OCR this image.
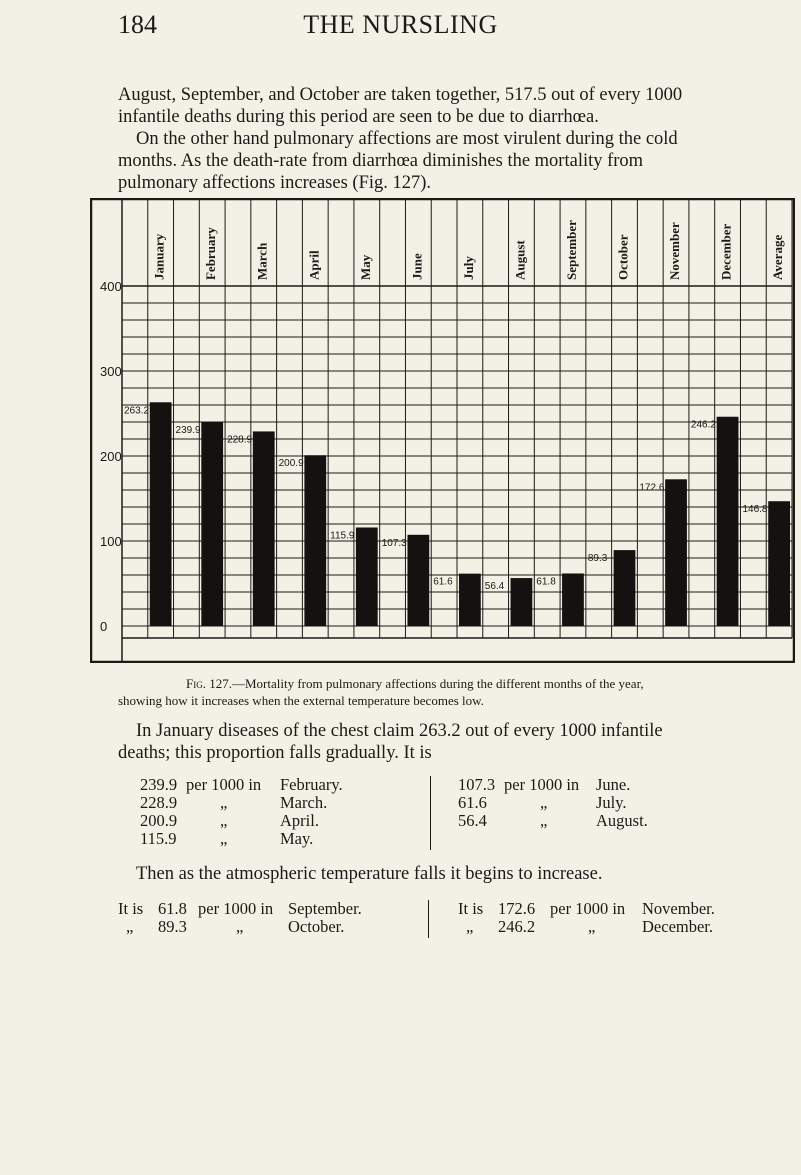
184	THE NURSLING

August, September, and October are taken together, 517.5 out of every 1000
infantile deaths during this period are seen to be due to diarrhœa.

On the other hand pulmonary affections are most virulent during the cold
months. As the death-rate from diarrhœa diminishes the mortality from
pulmonary affections increases (Fig. 127).

400
300
200
100
0
January	February	March	April	May	June	July	August	September	October	November	December	Average
263.2
239.9
228.9
200.9
115.9
107.3
61.6	56.4	61.8
89.3
172.6
246.2
146.8

Fig. 127.—Mortality from pulmonary affections during the different months of the year,
showing how it increases when the external temperature becomes low.

In January diseases of the chest claim 263.2 out of every 1000 infantile
deaths; this proportion falls gradually. It is

239.9 per 1000 in February.
228.9	„	March.
200.9	„	April.
115.9	„	May.
107.3 per 1000 in June.
61.6	„	July.
56.4	„	August.

Then as the atmospheric temperature falls it begins to increase.

It is 61.8 per 1000 in September.
„ 89.3	„	October.
It is 172.6 per 1000 in November.
„ 246.2	„	December.
